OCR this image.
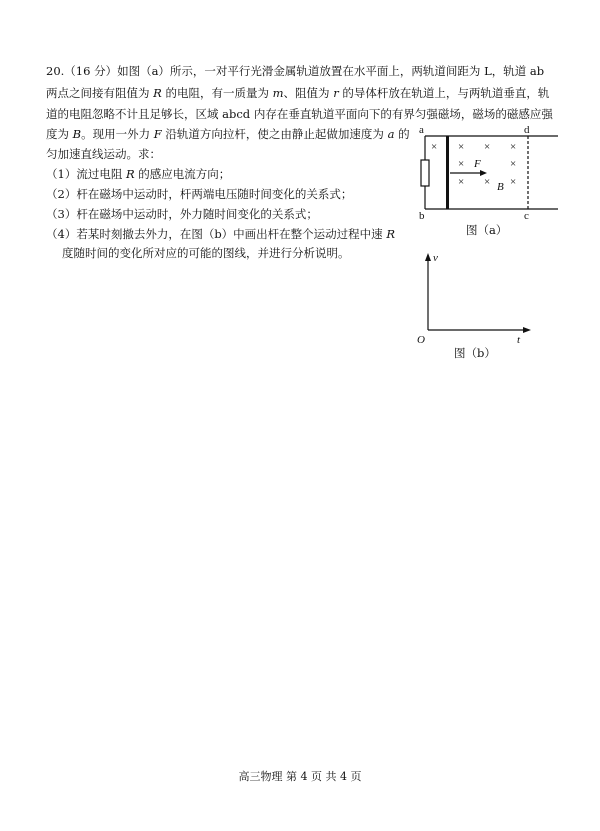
20.（16 分）如图（a）所示，一对平行光滑金属轨道放置在水平面上，两轨道间距为 L，轨道 ab
两点之间接有阻值为 R 的电阻，有一质量为 m、阻值为 r 的导体杆放在轨道上，与两轨道垂直，轨
道的电阻忽略不计且足够长，区域 abcd 内存在垂直轨道平面向下的有界匀强磁场，磁场的磁感应强
度为 B。现用一外力 F 沿轨道方向拉杆，使之由静止起做加速度为 a 的
匀加速直线运动。求：
（1）流过电阻 R 的感应电流方向；
（2）杆在磁场中运动时，杆两端电压随时间变化的关系式；
（3）杆在磁场中运动时，外力随时间变化的关系式；
（4）若某时刻撤去外力，在图（b）中画出杆在整个运动过程中速 R
度随时间的变化所对应的可能的图线，并进行分析说明。
a
b
d
c
F
B
× × × ×
×	×
× × ×
图（a）
v
O	t
图（b）
高三物理 第 4 页 共 4 页
